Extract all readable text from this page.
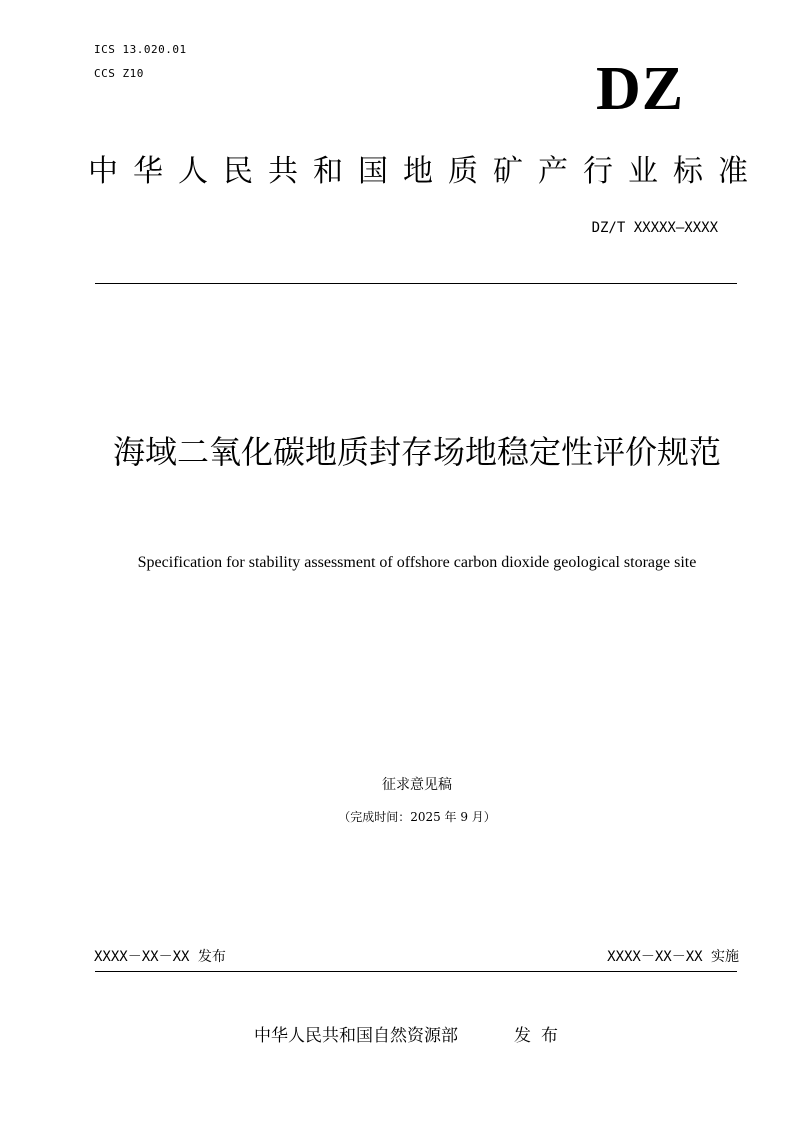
ICS 13.020.01
CCS Z10	DZ
中华人民共和国地质矿产行业标准
DZ/T XXXXX—XXXX
海域二氧化碳地质封存场地稳定性评价规范
Specification for stability assessment of offshore carbon dioxide geological storage site
征求意见稿
（完成时间：2025 年 9 月）
XXXX－XX－XX 发布	XXXX－XX－XX 实施
中华人民共和国自然资源部	发布
